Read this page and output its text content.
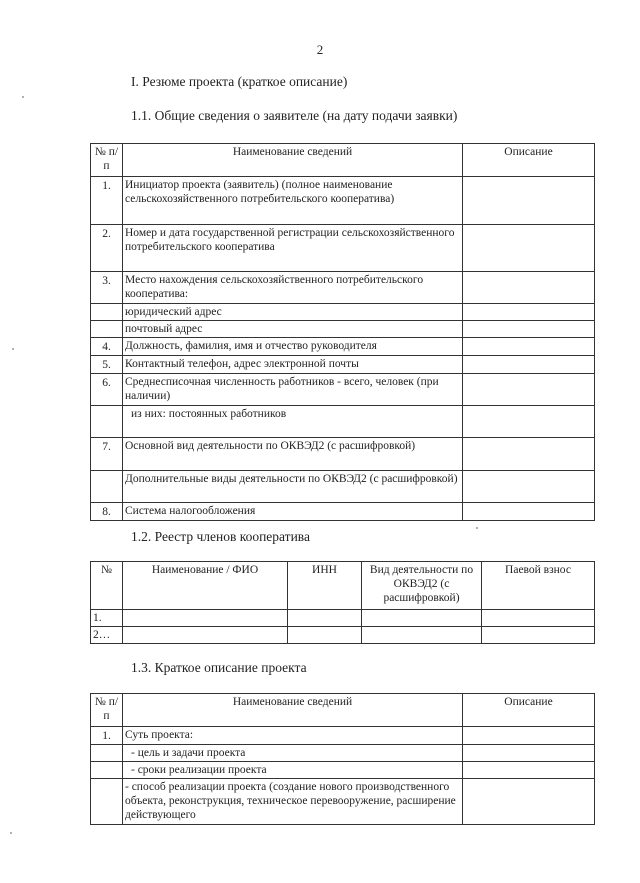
2
I. Резюме проекта (краткое описание)
1.1. Общие сведения о заявителе (на дату подачи заявки)
№ п/п	Наименование сведений	Описание
1.	Инициатор проекта (заявитель) (полное наименование сельскохозяйственного потребительского кооператива)	
2.	Номер и дата государственной регистрации сельскохозяйственного потребительского кооператива	
3.	Место нахождения сельскохозяйственного потребительского кооператива:	
	юридический адрес	
	почтовый адрес	
4.	Должность, фамилия, имя и отчество руководителя	
5.	Контактный телефон, адрес электронной почты	
6.	Среднесписочная численность работников - всего, человек (при наличии)	
	из них: постоянных работников	
7.	Основной вид деятельности по ОКВЭД2 (с расшифровкой)	
	Дополнительные виды деятельности по ОКВЭД2 (с расшифровкой)	
8.	Система налогообложения	
1.2. Реестр членов кооператива
№	Наименование / ФИО	ИНН	Вид деятельности по ОКВЭД2 (с расшифровкой)	Паевой взнос
1.				
2…				
1.3. Краткое описание проекта
№ п/п	Наименование сведений	Описание
1.	Суть проекта:	
	- цель и задачи проекта	
	- сроки реализации проекта	
	- способ реализации проекта (создание нового производственного объекта, реконструкция, техническое перевооружение, расширение действующего	
